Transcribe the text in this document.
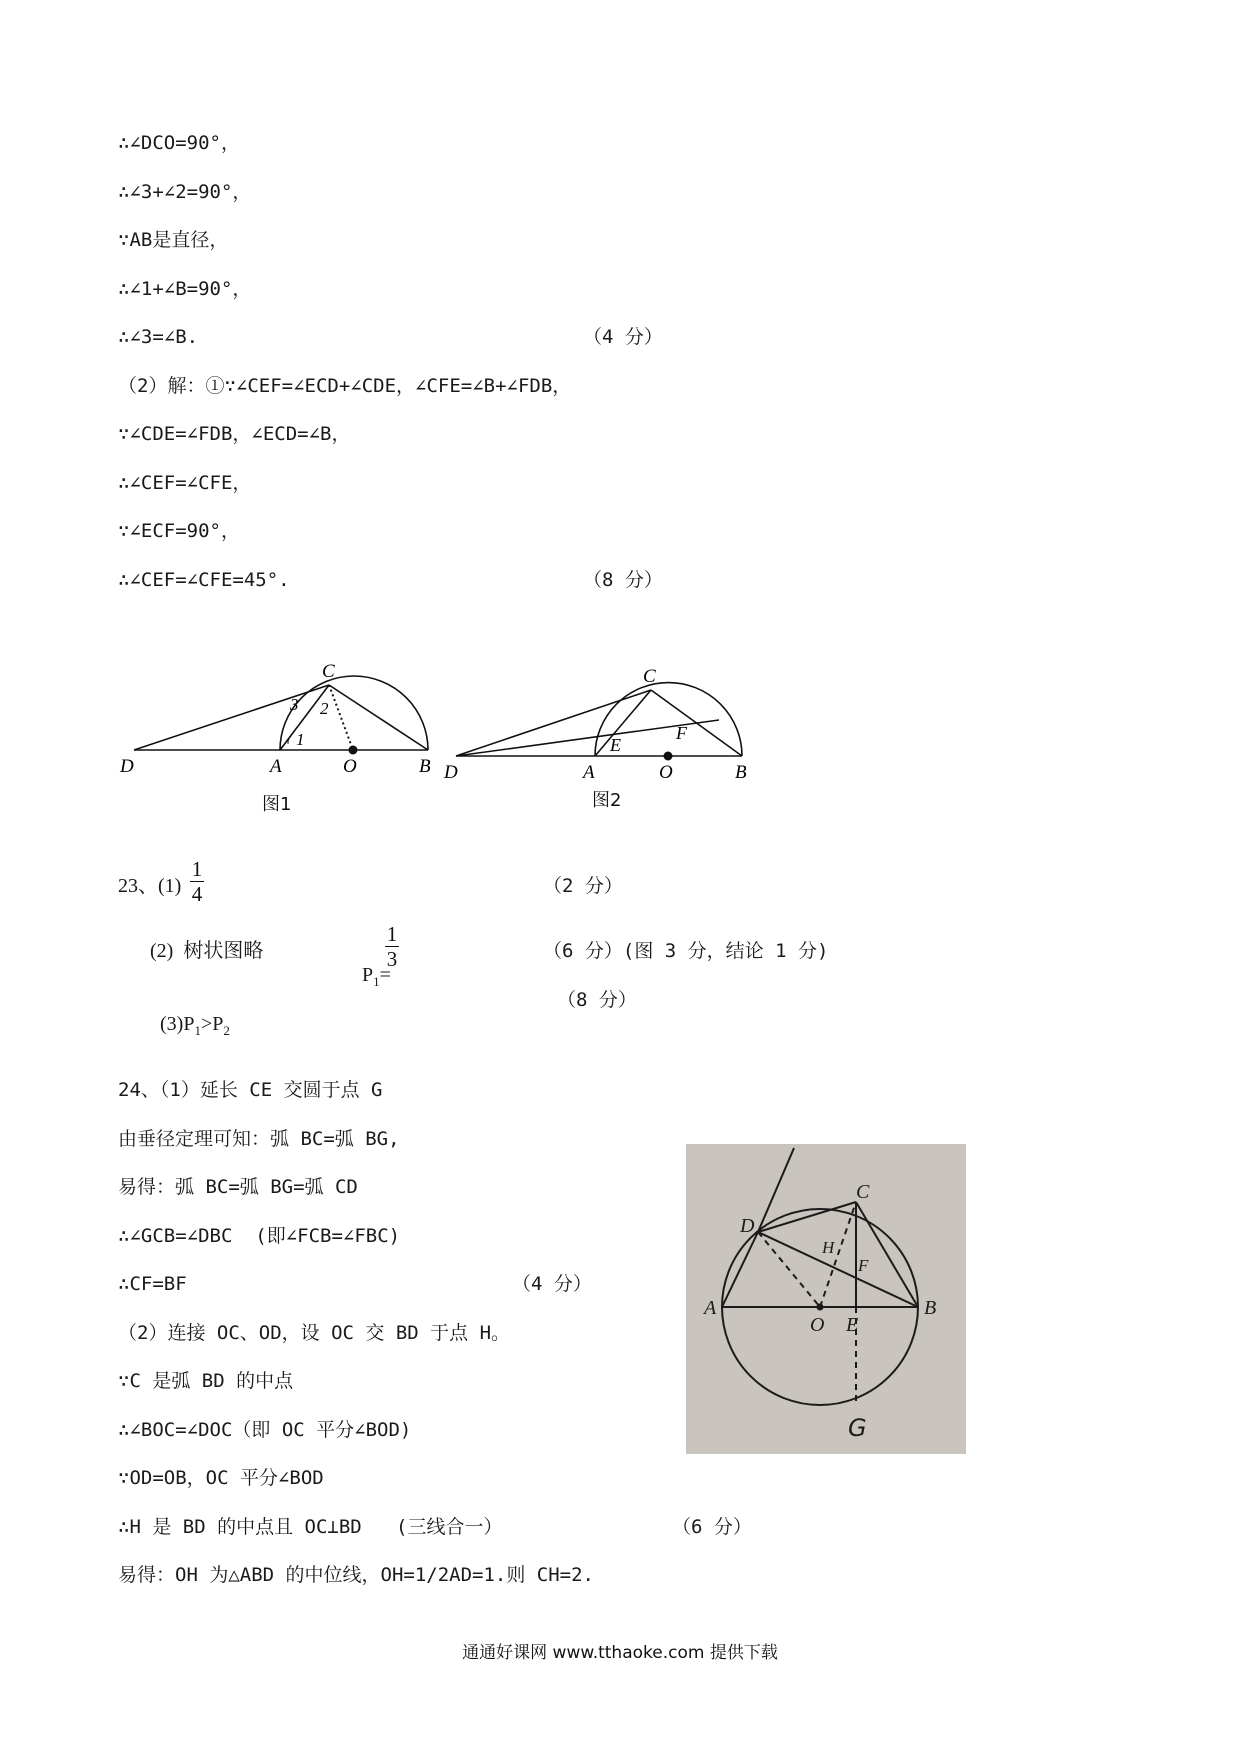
∴∠DCO=90°，
∴∠3+∠2=90°，
∵AB是直径，
∴∠1+∠B=90°，
∴∠3=∠B.	（4 分）
（2）解：①∵∠CEF=∠ECD+∠CDE，∠CFE=∠B+∠FDB，
∵∠CDE=∠FDB，∠ECD=∠B，
∴∠CEF=∠CFE，
∵∠ECF=90°，
∴∠CEF=∠CFE=45°.	（8 分）
C
D	A	O	B
1
2
3
图1
C
D	A	O	B
E
F
图2
23、(1)
1
4	（2 分）
(2)  树状图略

$P_1=$

1
3	（6 分）(图 3 分，结论 1 分)

$(3)P_1>P_2$

（8 分）
24、（1）延长 CE 交圆于点 G
由垂径定理可知：弧 BC=弧 BG,
易得：弧 BC=弧 BG=弧 CD
∴∠GCB=∠DBC  (即∠FCB=∠FBC)
∴CF=BF	（4 分）
（2）连接 OC、OD，设 OC 交 BD 于点 H。
∵C 是弧 BD 的中点
∴∠BOC=∠DOC（即 OC 平分∠BOD)
∵OD=OB，OC 平分∠BOD
∴H 是 BD 的中点且 OC⊥BD   (三线合一）	（6 分）
易得：OH 为△ABD 的中位线，OH=1/2AD=1.则 CH=2.
D
C
H
F
A
O E
B
G
通通好课网 www.tthaoke.com 提供下载
